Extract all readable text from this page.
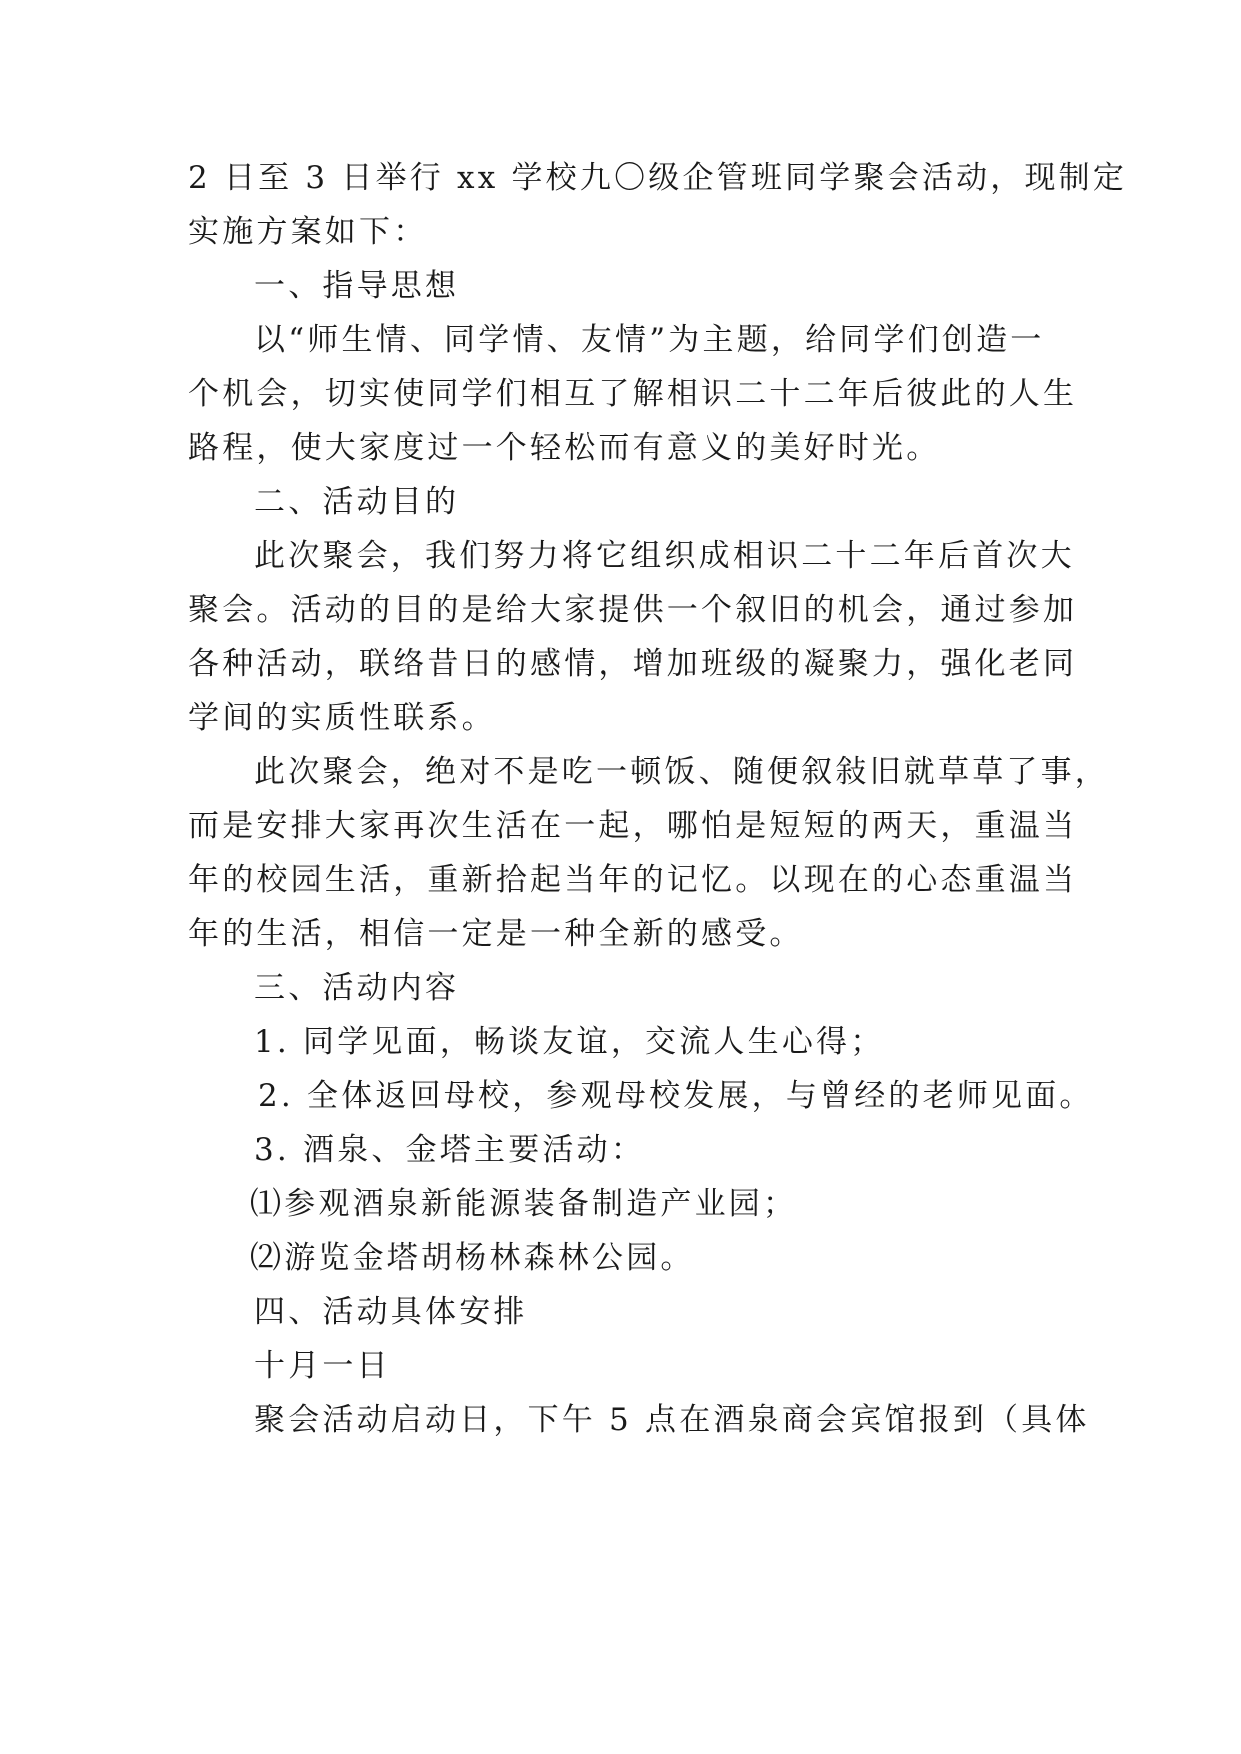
2 日至 3 日举行 xx 学校九〇级企管班同学聚会活动，现制定

实施方案如下：

一、指导思想

以“师生情、同学情、友情”为主题，给同学们创造一

个机会，切实使同学们相互了解相识二十二年后彼此的人生

路程，使大家度过一个轻松而有意义的美好时光。

二、活动目的

此次聚会，我们努力将它组织成相识二十二年后首次大

聚会。活动的目的是给大家提供一个叙旧的机会，通过参加

各种活动，联络昔日的感情，增加班级的凝聚力，强化老同

学间的实质性联系。

此次聚会，绝对不是吃一顿饭、随便叙敍旧就草草了事，

而是安排大家再次生活在一起，哪怕是短短的两天，重温当

年的校园生活，重新拾起当年的记忆。以现在的心态重温当

年的生活，相信一定是一种全新的感受。

三、活动内容

1. 同学见面，畅谈友谊，交流人生心得；

2. 全体返回母校，参观母校发展，与曾经的老师见面。

3. 酒泉、金塔主要活动：

⑴参观酒泉新能源装备制造产业园；

⑵游览金塔胡杨林森林公园。

四、活动具体安排

十月一日

聚会活动启动日，下午 5 点在酒泉商会宾馆报到（具体
